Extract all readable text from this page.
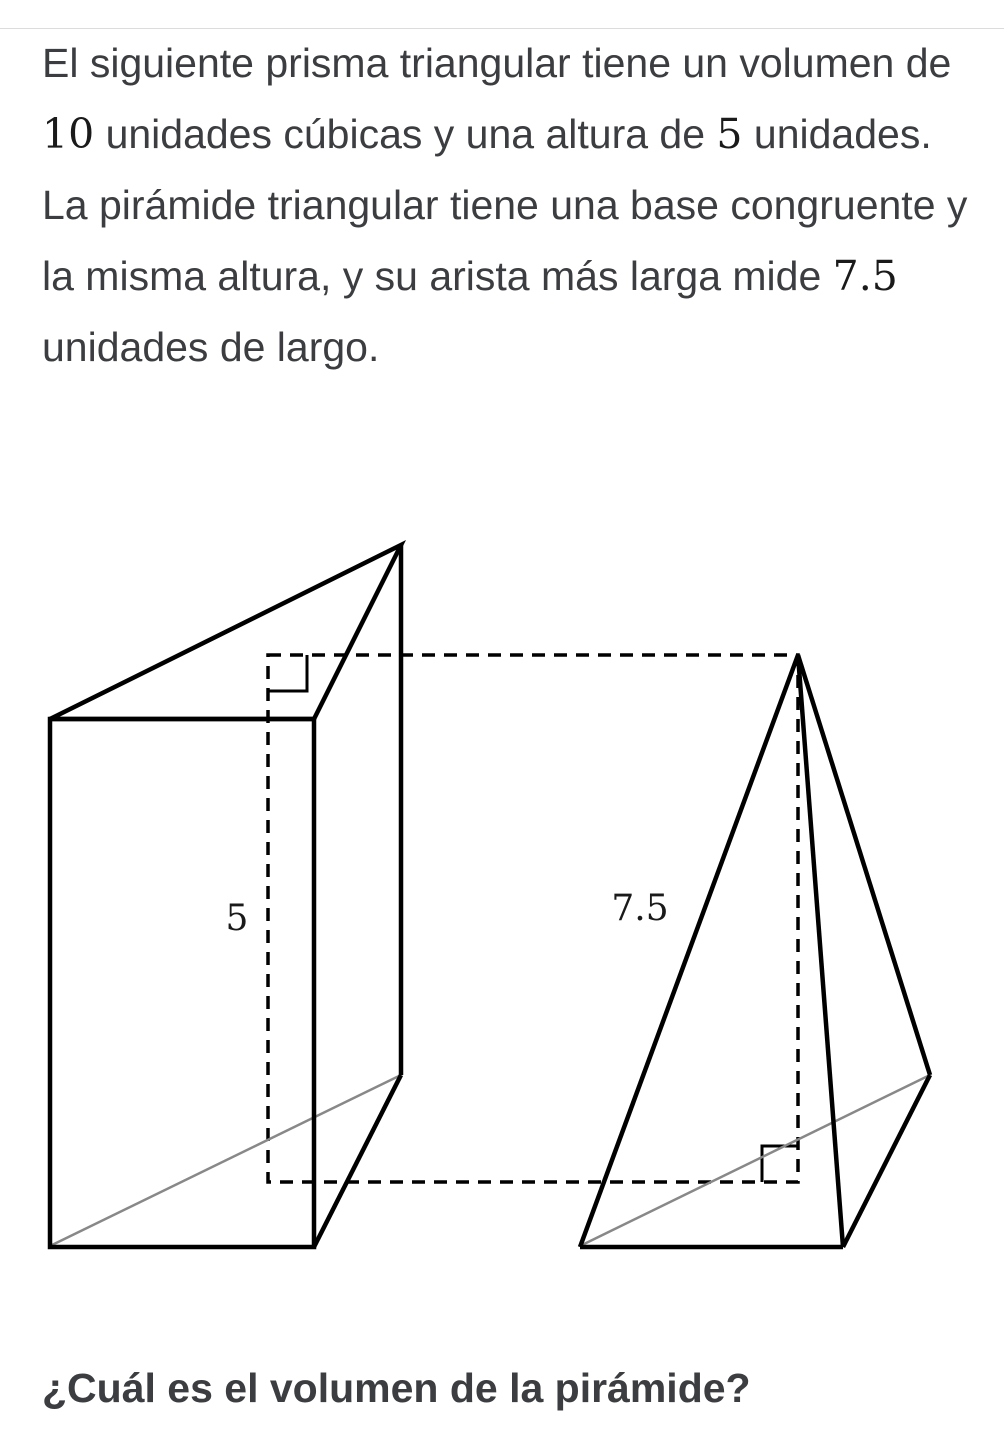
El siguiente prisma triangular tiene un volumen de 10 unidades cúbicas y una altura de 5 unidades. La pirámide triangular tiene una base congruente y la misma altura, y su arista más larga mide 7.5 unidades de largo.

5	7.5

¿Cuál es el volumen de la pirámide?
